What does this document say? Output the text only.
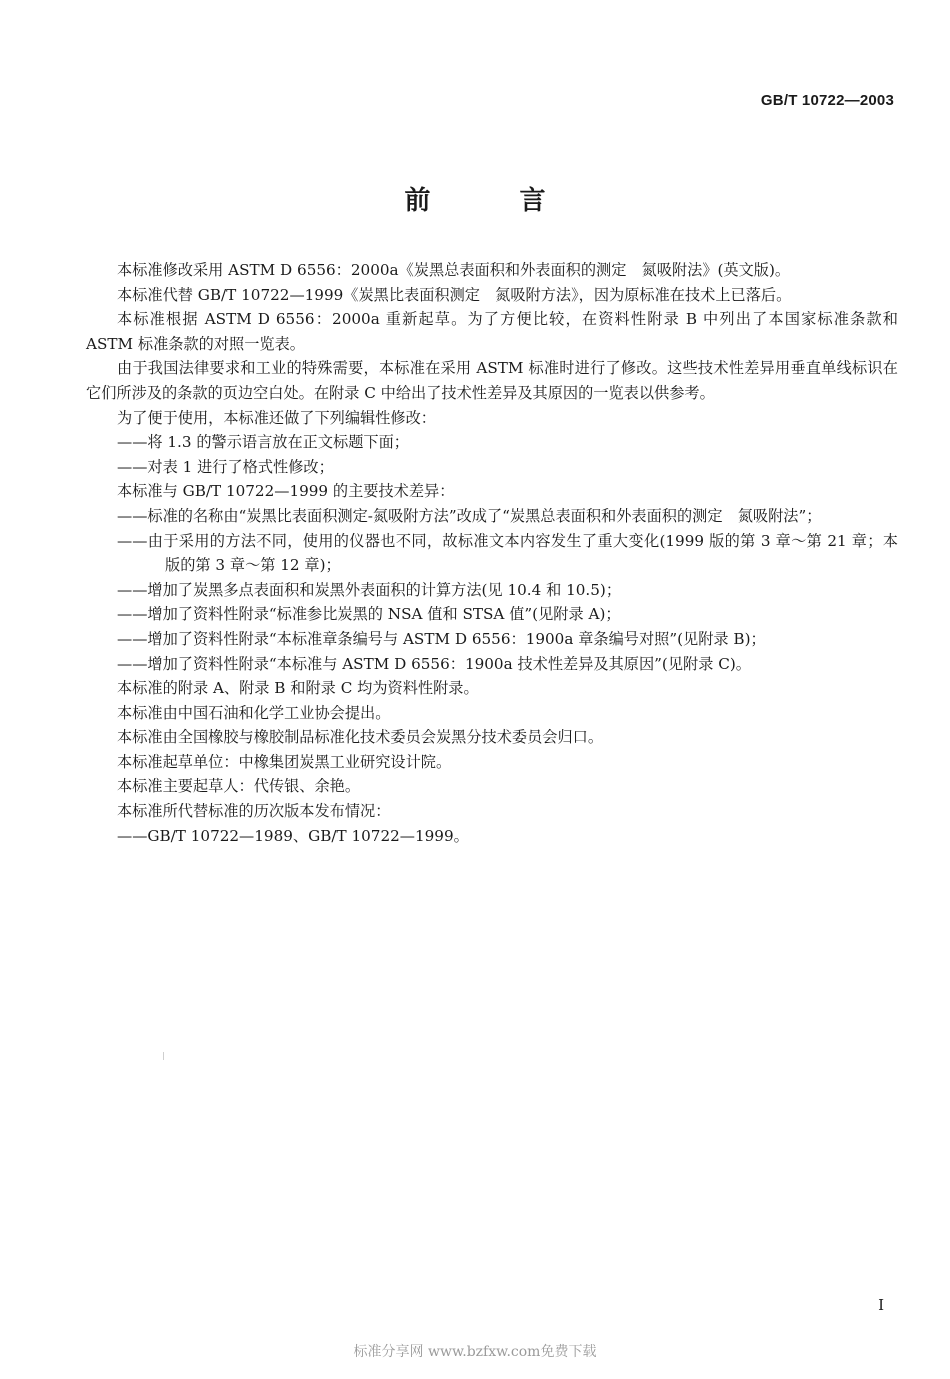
GB/T 10722—2003
前 言
本标准修改采用 ASTM D 6556：2000a《炭黑总表面积和外表面积的测定　氮吸附法》(英文版)。
本标准代替 GB/T 10722—1999《炭黑比表面积测定　氮吸附方法》，因为原标准在技术上已落后。
本标准根据 ASTM D 6556：2000a 重新起草。为了方便比较，在资料性附录 B 中列出了本国家标准条款和 ASTM 标准条款的对照一览表。
由于我国法律要求和工业的特殊需要，本标准在采用 ASTM 标准时进行了修改。这些技术性差异用垂直单线标识在它们所涉及的条款的页边空白处。在附录 C 中给出了技术性差异及其原因的一览表以供参考。
为了便于使用，本标准还做了下列编辑性修改：
——将 1.3 的警示语言放在正文标题下面；
——对表 1 进行了格式性修改；
本标准与 GB/T 10722—1999 的主要技术差异：
——标准的名称由“炭黑比表面积测定-氮吸附方法”改成了“炭黑总表面积和外表面积的测定　氮吸附法”；
——由于采用的方法不同，使用的仪器也不同，故标准文本内容发生了重大变化(1999 版的第 3 章～第 21 章；本版的第 3 章～第 12 章)；
——增加了炭黑多点表面积和炭黑外表面积的计算方法(见 10.4 和 10.5)；
——增加了资料性附录“标准参比炭黑的 NSA 值和 STSA 值”(见附录 A)；
——增加了资料性附录“本标准章条编号与 ASTM D 6556：1900a 章条编号对照”(见附录 B)；
——增加了资料性附录“本标准与 ASTM D 6556：1900a 技术性差异及其原因”(见附录 C)。
本标准的附录 A、附录 B 和附录 C 均为资料性附录。
本标准由中国石油和化学工业协会提出。
本标准由全国橡胶与橡胶制品标准化技术委员会炭黑分技术委员会归口。
本标准起草单位：中橡集团炭黑工业研究设计院。
本标准主要起草人：代传银、余艳。
本标准所代替标准的历次版本发布情况：
——GB/T 10722—1989、GB/T 10722—1999。
I
标准分享网 www.bzfxw.com免费下载
